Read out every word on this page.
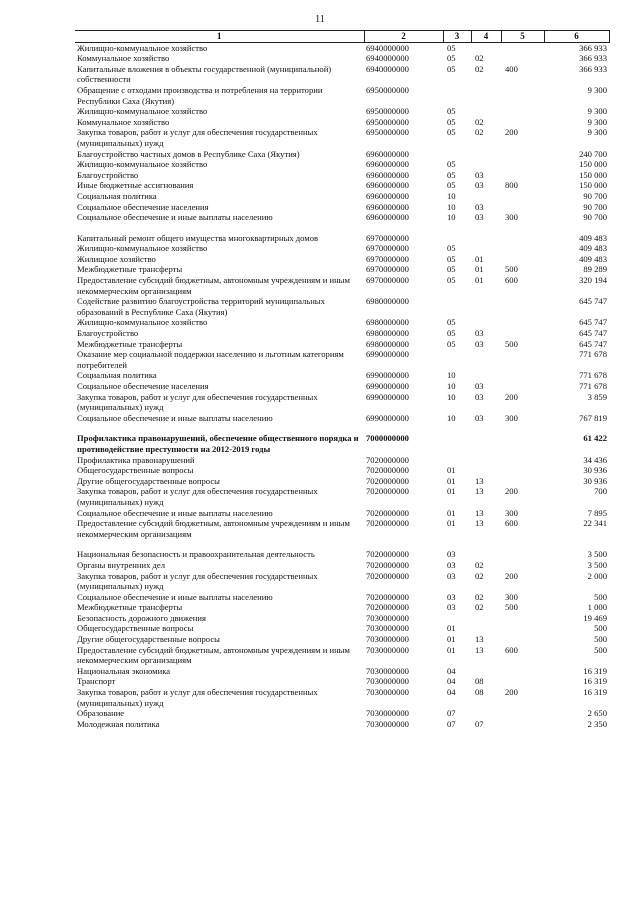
11
1	2	3	4	5	6
Жилищно-коммунальное хозяйство	6940000000	05			366 933
Коммунальное хозяйство	6940000000	05	02		366 933
Капитальные вложения в объекты государственной (муниципальной) собственности	6940000000	05	02	400	366 933
Обращение с отходами производства и потребления на территории Республики Саха (Якутия)	6950000000				9 300
Жилищно-коммунальное хозяйство	6950000000	05			9 300
Коммунальное хозяйство	6950000000	05	02		9 300
Закупка товаров, работ и услуг для обеспечения государственных (муниципальных) нужд	6950000000	05	02	200	9 300
Благоустройство частных домов в Республике Саха (Якутия)	6960000000				240 700
Жилищно-коммунальное хозяйство	6960000000	05			150 000
Благоустройство	6960000000	05	03		150 000
Иные бюджетные ассигнования	6960000000	05	03	800	150 000
Социальная политика	6960000000	10			90 700
Социальное обеспечение населения	6960000000	10	03		90 700
Социальное обеспечение и иные выплаты населению	6960000000	10	03	300	90 700

Капитальный ремонт общего имущества многоквартирных домов	6970000000				409 483
Жилищно-коммунальное хозяйство	6970000000	05			409 483
Жилищное хозяйство	6970000000	05	01		409 483
Межбюджетные трансферты	6970000000	05	01	500	89 289
Предоставление субсидий бюджетным, автономным учреждениям и иным некоммерческим организациям	6970000000	05	01	600	320 194
Содействие развитию благоустройства территорий муниципальных образований в Республике Саха (Якутия)	6980000000				645 747
Жилищно-коммунальное хозяйство	6980000000	05			645 747
Благоустройство	6980000000	05	03		645 747
Межбюджетные трансферты	6980000000	05	03	500	645 747
Оказание мер социальной поддержки населению и льготным категориям потребителей	6990000000				771 678
Социальная политика	6990000000	10			771 678
Социальное обеспечение населения	6990000000	10	03		771 678
Закупка товаров, работ и услуг для обеспечения государственных (муниципальных) нужд	6990000000	10	03	200	3 859
Социальное обеспечение и иные выплаты населению	6990000000	10	03	300	767 819

Профилактика правонарушений, обеспечение общественного порядка и противодействие преступности на 2012-2019 годы	7000000000				61 422
Профилактика правонарушений	7020000000				34 436
Общегосударственные вопросы	7020000000	01			30 936
Другие общегосударственные вопросы	7020000000	01	13		30 936
Закупка товаров, работ и услуг для обеспечения государственных (муниципальных) нужд	7020000000	01	13	200	700
Социальное обеспечение и иные выплаты населению	7020000000	01	13	300	7 895
Предоставление субсидий бюджетным, автономным учреждениям и иным некоммерческим организациям	7020000000	01	13	600	22 341

Национальная безопасность и правоохранительная деятельность	7020000000	03			3 500
Органы внутренних дел	7020000000	03	02		3 500
Закупка товаров, работ и услуг для обеспечения государственных (муниципальных) нужд	7020000000	03	02	200	2 000
Социальное обеспечение и иные выплаты населению	7020000000	03	02	300	500
Межбюджетные трансферты	7020000000	03	02	500	1 000
Безопасность дорожного движения	7030000000				19 469
Общегосударственные вопросы	7030000000	01			500
Другие общегосударственные вопросы	7030000000	01	13		500
Предоставление субсидий бюджетным, автономным учреждениям и иным некоммерческим организациям	7030000000	01	13	600	500
Национальная экономика	7030000000	04			16 319
Транспорт	7030000000	04	08		16 319
Закупка товаров, работ и услуг для обеспечения государственных (муниципальных) нужд	7030000000	04	08	200	16 319
Образование	7030000000	07			2 650
Молодежная политика	7030000000	07	07		2 350
